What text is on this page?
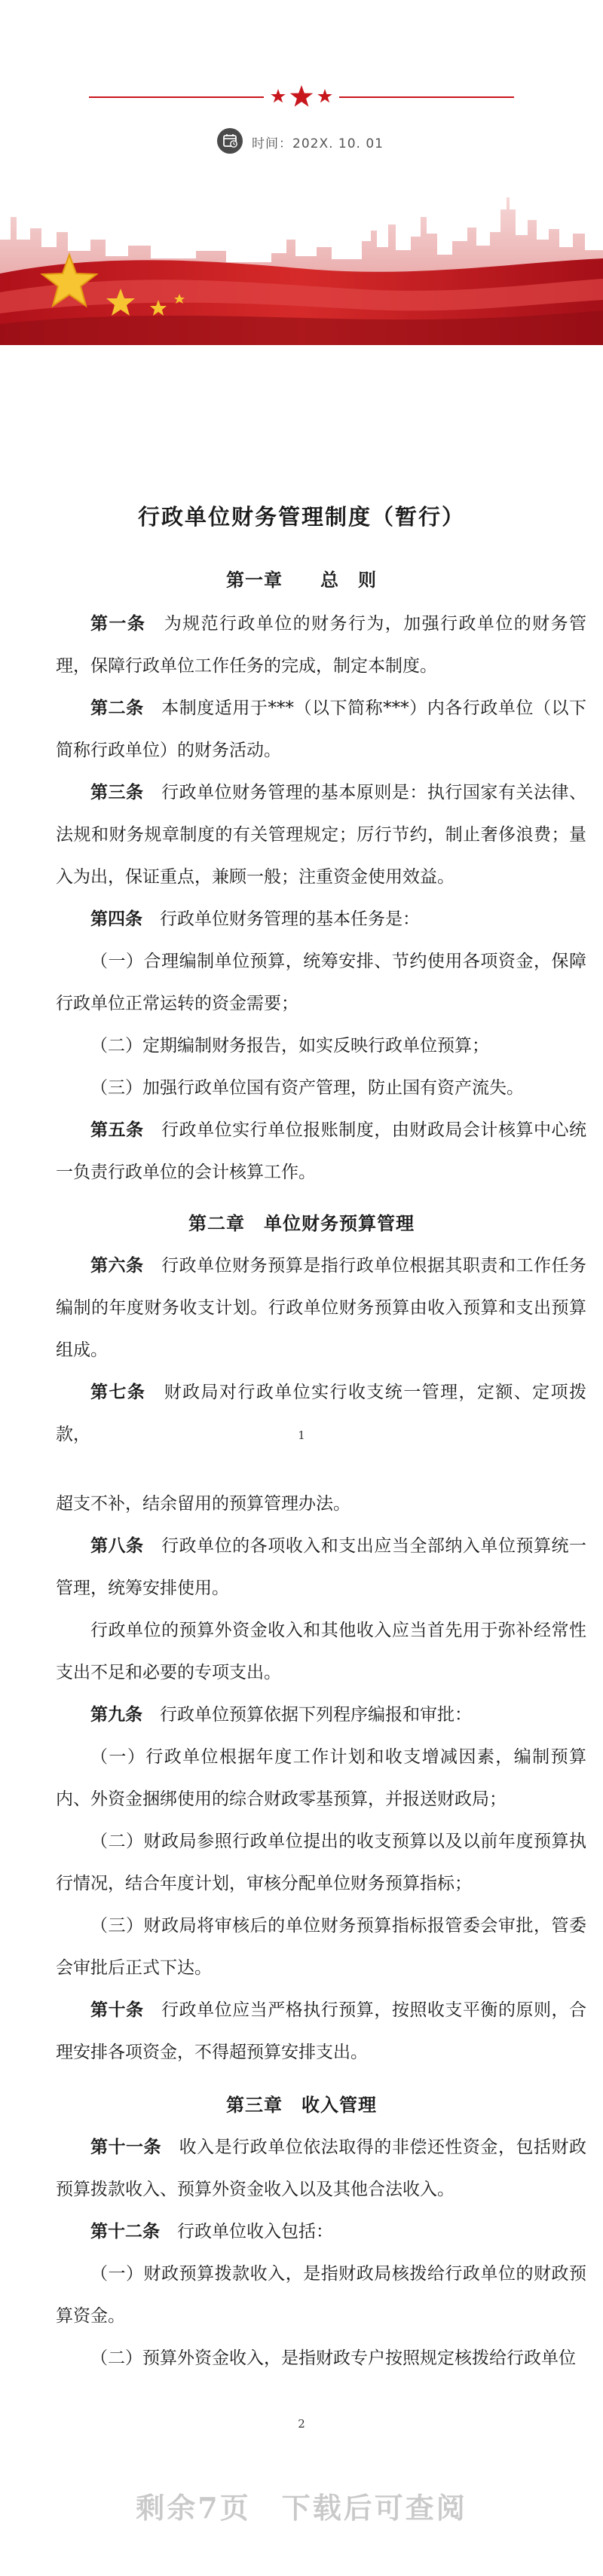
时间：202X. 10. 01
行政单位财务管理制度（暂行）
第一章　　总　则

第一条　 为规范行政单位的财务行为，加强行政单位的财务管理，保障行政单位工作任务的完成，制定本制度。

第二条　 本制度适用于***（以下简称***）内各行政单位（以下简称行政单位）的财务活动。

第三条　 行政单位财务管理的基本原则是：执行国家有关法律、法规和财务规章制度的有关管理规定；厉行节约，制止奢侈浪费；量入为出，保证重点，兼顾一般；注重资金使用效益。

第四条　 行政单位财务管理的基本任务是：

（一）合理编制单位预算，统筹安排、节约使用各项资金，保障行政单位正常运转的资金需要；

（二）定期编制财务报告，如实反映行政单位预算；

（三）加强行政单位国有资产管理，防止国有资产流失。

第五条　 行政单位实行单位报账制度，由财政局会计核算中心统一负责行政单位的会计核算工作。

第二章　单位财务预算管理

第六条　 行政单位财务预算是指行政单位根据其职责和工作任务编制的年度财务收支计划。行政单位财务预算由收入预算和支出预算组成。

第七条　 财政局对行政单位实行收支统一管理，定额、定项拨款，	1

超支不补，结余留用的预算管理办法。

第八条　 行政单位的各项收入和支出应当全部纳入单位预算统一管理，统筹安排使用。

行政单位的预算外资金收入和其他收入应当首先用于弥补经常性支出不足和必要的专项支出。

第九条　 行政单位预算依据下列程序编报和审批：

（一）行政单位根据年度工作计划和收支增减因素，编制预算内、外资金捆绑使用的综合财政零基预算，并报送财政局；

（二）财政局参照行政单位提出的收支预算以及以前年度预算执行情况，结合年度计划，审核分配单位财务预算指标；

（三）财政局将审核后的单位财务预算指标报管委会审批，管委会审批后正式下达。

第十条　 行政单位应当严格执行预算，按照收支平衡的原则，合理安排各项资金，不得超预算安排支出。

第三章　收入管理

第十一条　 收入是行政单位依法取得的非偿还性资金，包括财政预算拨款收入、预算外资金收入以及其他合法收入。

第十二条　 行政单位收入包括：

（一）财政预算拨款收入，是指财政局核拨给行政单位的财政预算资金。

（二）预算外资金收入，是指财政专户按照规定核拨给行政单位

2
剩余7页　下载后可查阅
